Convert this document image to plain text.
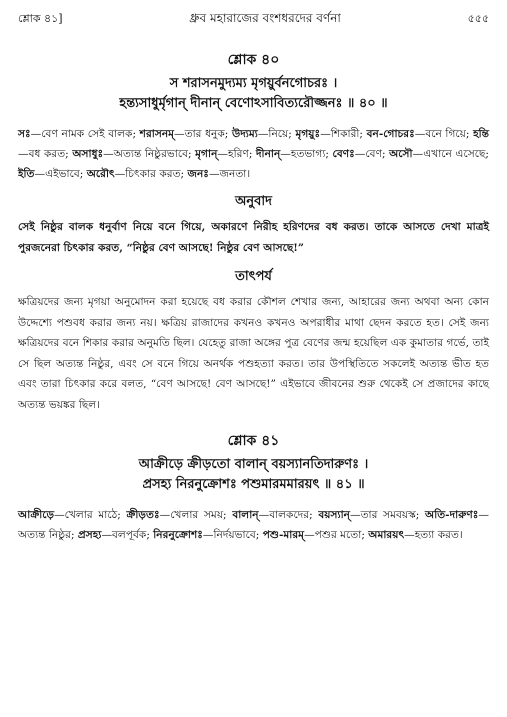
শ্লোক ৪১]	ধ্রুব মহারাজের বংশধরদের বর্ণনা	৫৫৫
শ্লোক ৪০
স শরাসনমুদ্যম্য মৃগয়ুর্বনগোচরঃ ।
হন্ত্যসাধুর্মৃগান্ দীনান্ বেণোঽসাবিত্যরৌজ্জনঃ ॥ ৪০ ॥
সঃ—বেণ নামক সেই বালক; শরাসনম্—তার ধনুক; উদ্যম্য—নিয়ে; মৃগয়ুঃ—শিকারী; বন-গোচরঃ—বনে গিয়ে; হন্তি—বধ করত; অসাধুঃ—অত্যন্ত নিষ্ঠুরভাবে; মৃগান্—হরিণ; দীনান্—হতভাগ্য; বেণঃ—বেণ; অসৌ—এখানে এসেছে; ইতি—এইভাবে; অরৌৎ—চিৎকার করত; জনঃ—জনতা।
অনুবাদ
সেই নিষ্ঠুর বালক ধনুর্বাণ নিয়ে বনে গিয়ে, অকারণে নিরীহ হরিণদের বধ করত। তাকে আসতে দেখা মাত্রই পুরজনেরা চিৎকার করত, “নিষ্ঠুর বেণ আসছে! নিষ্ঠুর বেণ আসছে!”
তাৎপর্য
ক্ষত্রিয়দের জন্য মৃগয়া অনুমোদন করা হয়েছে বধ করার কৌশল শেখার জন্য, আহারের জন্য অথবা অন্য কোন উদ্দেশ্যে পশুবধ করার জন্য নয়। ক্ষত্রিয় রাজাদের কখনও কখনও অপরাধীর মাথা ছেদন করতে হত। সেই জন্য ক্ষত্রিয়দের বনে শিকার করার অনুমতি ছিল। যেহেতু রাজা অঙ্গের পুত্র বেণের জন্ম হয়েছিল এক কুমাতার গর্ভে, তাই সে ছিল অত্যন্ত নিষ্ঠুর, এবং সে বনে গিয়ে অনর্থক পশুহত্যা করত। তার উপস্থিতিতে সকলেই অত্যন্ত ভীত হত এবং তারা চিৎকার করে বলত, “বেণ আসছে! বেণ আসছে!” এইভাবে জীবনের শুরু থেকেই সে প্রজাদের কাছে অত্যন্ত ভয়ঙ্কর ছিল।
শ্লোক ৪১
আক্রীড়ে ক্রীড়তো বালান্ বয়স্যানতিদারুণঃ ।
প্রসহ্য নিরনুক্রোশঃ পশুমারমমারয়ৎ ॥ ৪১ ॥
আক্রীড়ে—খেলার মাঠে; ক্রীড়তঃ—খেলার সময়; বালান্—বালকদের; বয়স্যান্—তার সমবয়স্ক; অতি-দারুণঃ—অত্যন্ত নিষ্ঠুর; প্রসহ্য—বলপূর্বক; নিরনুক্রোশঃ—নির্দয়ভাবে; পশু-মারম্—পশুর মতো; অমারয়ৎ—হত্যা করত।
